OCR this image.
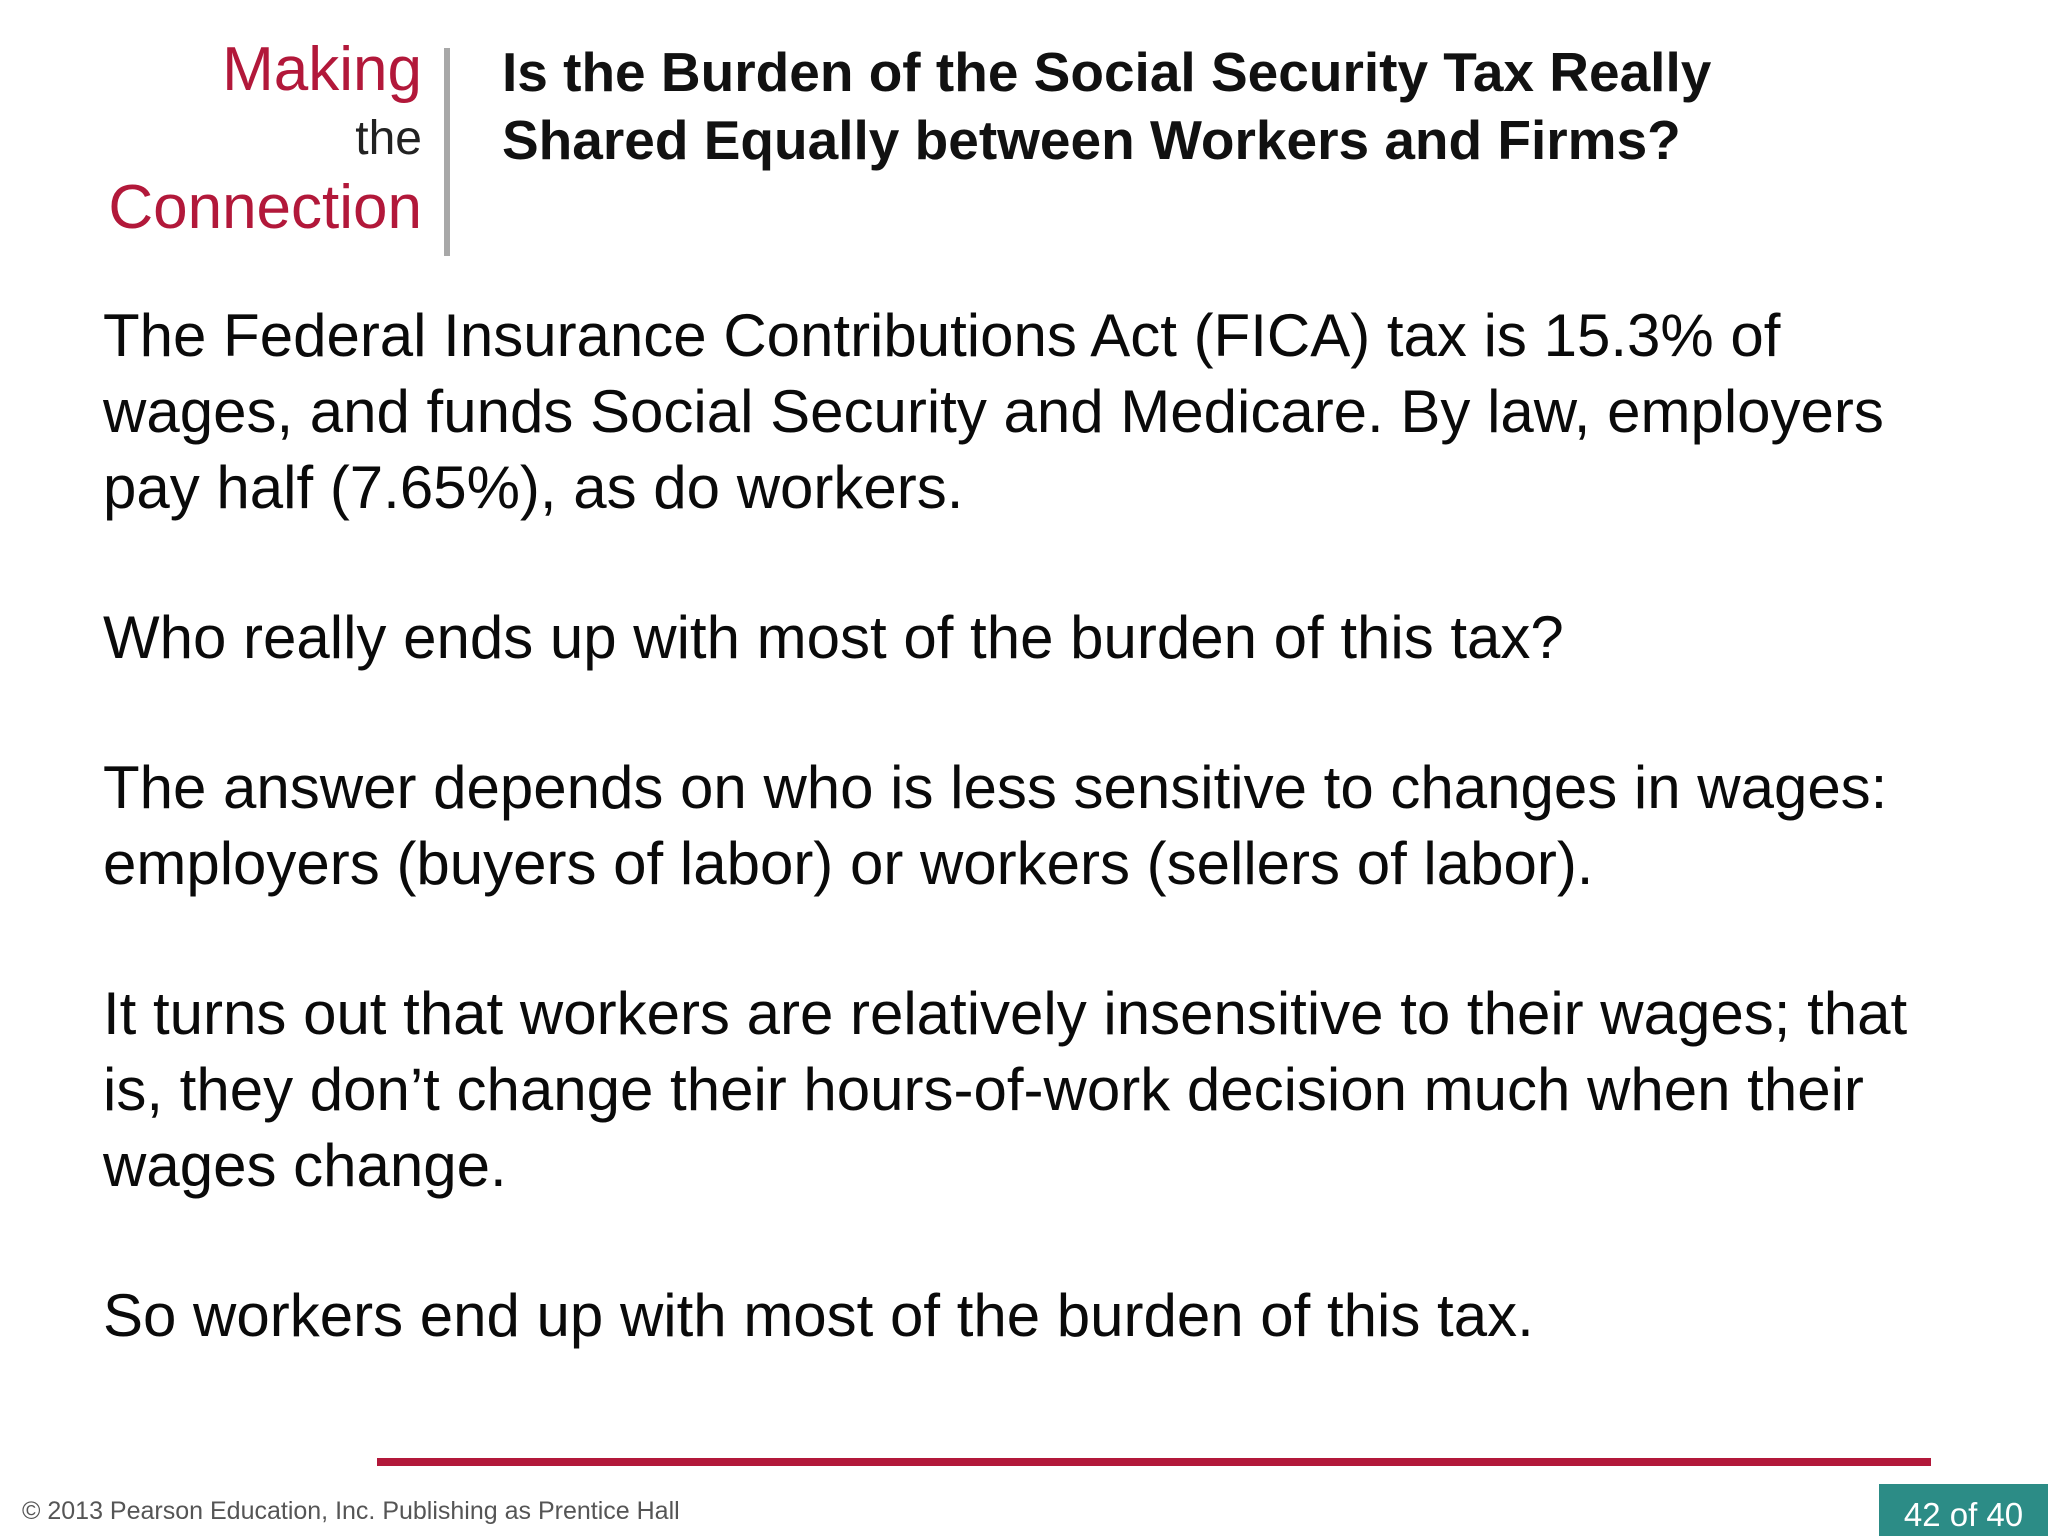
Making
the
Connection
Is the Burden of the Social Security Tax Really Shared Equally between Workers and Firms?

The Federal Insurance Contributions Act (FICA) tax is 15.3% of wages, and funds Social Security and Medicare. By law, employers pay half (7.65%), as do workers.

Who really ends up with most of the burden of this tax?

The answer depends on who is less sensitive to changes in wages: employers (buyers of labor) or workers (sellers of labor).

It turns out that workers are relatively insensitive to their wages; that is, they don’t change their hours-of-work decision much when their wages change.

So workers end up with most of the burden of this tax.

© 2013 Pearson Education, Inc. Publishing as Prentice Hall	42 of 40
